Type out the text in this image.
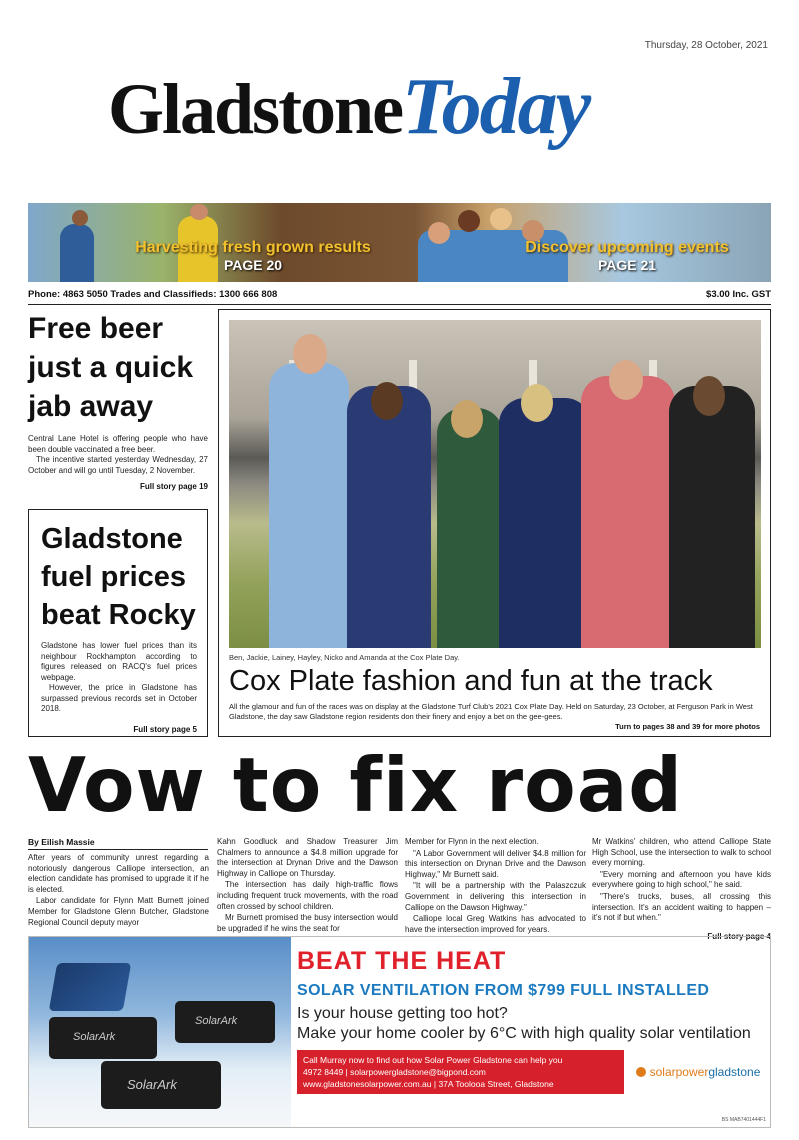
Thursday, 28 October, 2021
GladstoneToday
Harvesting fresh grown results
PAGE 20
Discover upcoming events
PAGE 21
Phone: 4863 5050 Trades and Classifieds: 1300 666 808	$3.00 Inc. GST
Free beer just a quick jab away

Central Lane Hotel is offering people who have been double vaccinated a free beer.

The incentive started yesterday Wednesday, 27 October and will go until Tuesday, 2 November.

Full story page 19
Gladstone fuel prices beat Rocky

Gladstone has lower fuel prices than its neighbour Rockhampton according to figures released on RACQ's fuel prices webpage.

However, the price in Gladstone has surpassed previous records set in October 2018.

Full story page 5
Ben, Jackie, Lainey, Hayley, Nicko and Amanda at the Cox Plate Day.
Cox Plate fashion and fun at the track
All the glamour and fun of the races was on display at the Gladstone Turf Club's 2021 Cox Plate Day. Held on Saturday, 23 October, at Ferguson Park in West Gladstone, the day saw Gladstone region residents don their finery and enjoy a bet on the gee-gees.
Turn to pages 38 and 39 for more photos
Vow to fix road
By Eilish Massie

After years of community unrest regarding a notoriously dangerous Calliope intersection, an election candidate has promised to upgrade it if he is elected.

Labor candidate for Flynn Matt Burnett joined Member for Gladstone Glenn Butcher, Gladstone Regional Council deputy mayor

Kahn Goodluck and Shadow Treasurer Jim Chalmers to announce a $4.8 million upgrade for the intersection at Drynan Drive and the Dawson Highway in Calliope on Thursday.

The intersection has daily high-traffic flows including frequent truck movements, with the road often crossed by school children.

Mr Burnett promised the busy intersection would be upgraded if he wins the seat for

Member for Flynn in the next election.

"A Labor Government will deliver $4.8 million for this intersection on Drynan Drive and the Dawson Highway," Mr Burnett said.

"It will be a partnership with the Palaszczuk Government in delivering this intersection in Calliope on the Dawson Highway."

Calliope local Greg Watkins has advocated to have the intersection improved for years.

Mr Watkins' children, who attend Calliope State High School, use the intersection to walk to school every morning.

"Every morning and afternoon you have kids everywhere going to high school," he said.

"There's trucks, buses, all crossing this intersection. It's an accident waiting to happen – it's not if but when."

Full story page 4
SolarArk
SolarArk
SolarArk
BEAT THE HEAT
SOLAR VENTILATION FROM $799 FULL INSTALLED
Is your house getting too hot?
Make your home cooler by 6°C with high quality solar ventilation
Call Murray now to find out how Solar Power Gladstone can help you
4972 8449 | solarpowergladstone@bigpond.com
www.gladstonesolarpower.com.au | 37A Toolooa Street, Gladstone
solarpower gladstone
BS MAB7401444F1
